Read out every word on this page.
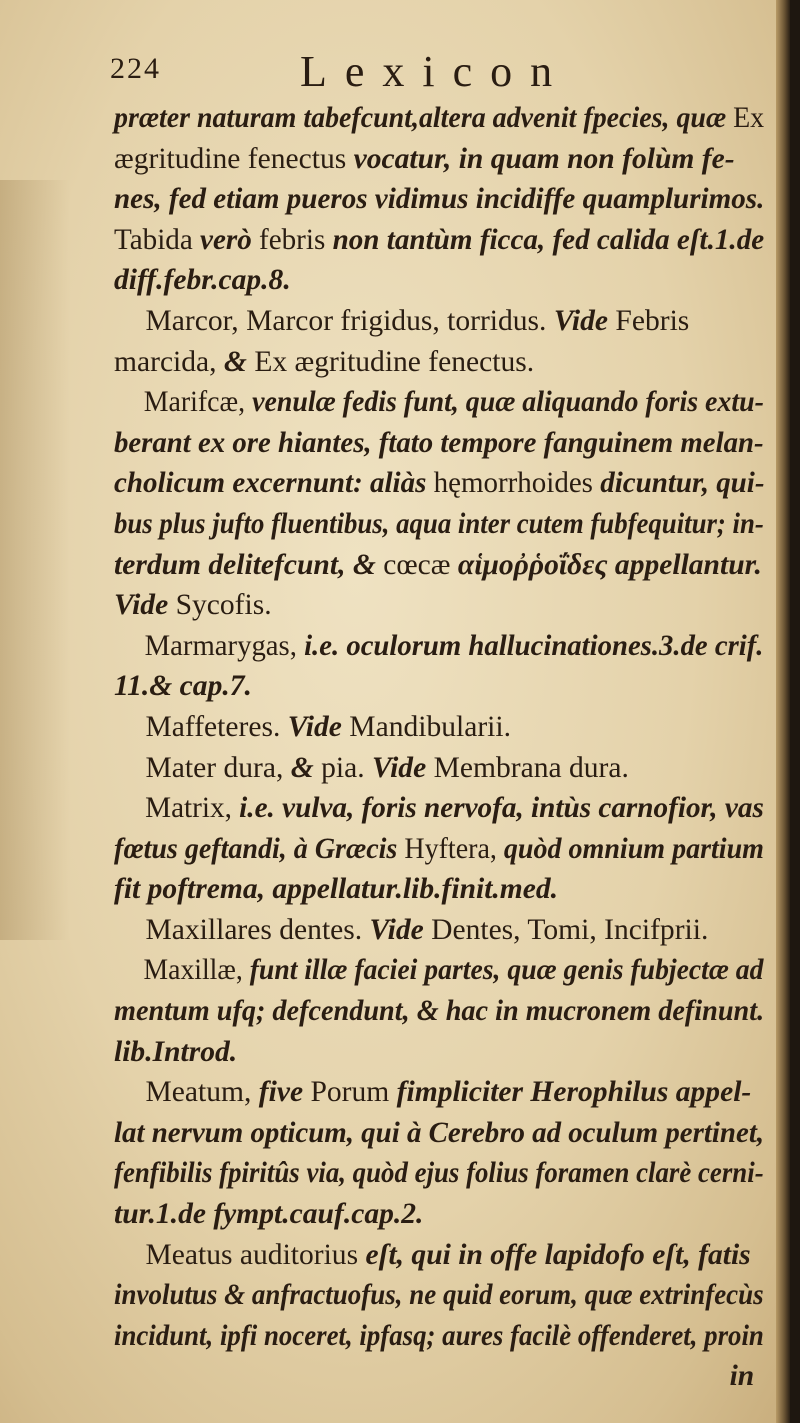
224	Lexicon
præter naturam tabefcunt,altera advenit fpecies, quæ Ex
ægritudine fenectus vocatur, in quam non folùm fe-
nes, fed etiam pueros vidimus incidiffe quamplurimos.
Tabida verò febris non tantùm ficca, fed calida eſt.1.de
diff.febr.cap.8.
Marcor, Marcor frigidus, torridus. Vide Febris
marcida, & Ex ægritudine fenectus.
Marifcæ, venulæ fedis funt, quæ aliquando foris extu-
berant ex ore hiantes, ftato tempore fanguinem melan-
cholicum excernunt: aliàs hęmorrhoides dicuntur, qui-
bus plus jufto fluentibus, aqua inter cutem fubfequitur; in-
terdum delitefcunt, & cœcæ αἱμοῤῥοΐδες appellantur.
Vide Sycofis.
Marmarygas, i.e. oculorum hallucinationes.3.de crif.
11.& cap.7.
Maffeteres. Vide Mandibularii.
Mater dura, & pia. Vide Membrana dura.
Matrix, i.e. vulva, foris nervofa, intùs carnofior, vas
fœtus geftandi, à Græcis Hyftera, quòd omnium partium
fit poftrema, appellatur.lib.finit.med.
Maxillares dentes. Vide Dentes, Tomi, Incifprii.
Maxillæ, funt illæ faciei partes, quæ genis fubjectæ ad
mentum ufq; defcendunt, & hac in mucronem definunt.
lib.Introd.
Meatum, five Porum fimpliciter Herophilus appel-
lat nervum opticum, qui à Cerebro ad oculum pertinet,
fenfibilis fpiritûs via, quòd ejus folius foramen clarè cerni-
tur.1.de fympt.cauf.cap.2.
Meatus auditorius eſt, qui in offe lapidofo eſt, fatis
involutus & anfractuofus, ne quid eorum, quæ extrinfecùs
incidunt, ipfi noceret, ipfasq; aures facilè offenderet, proin
in
